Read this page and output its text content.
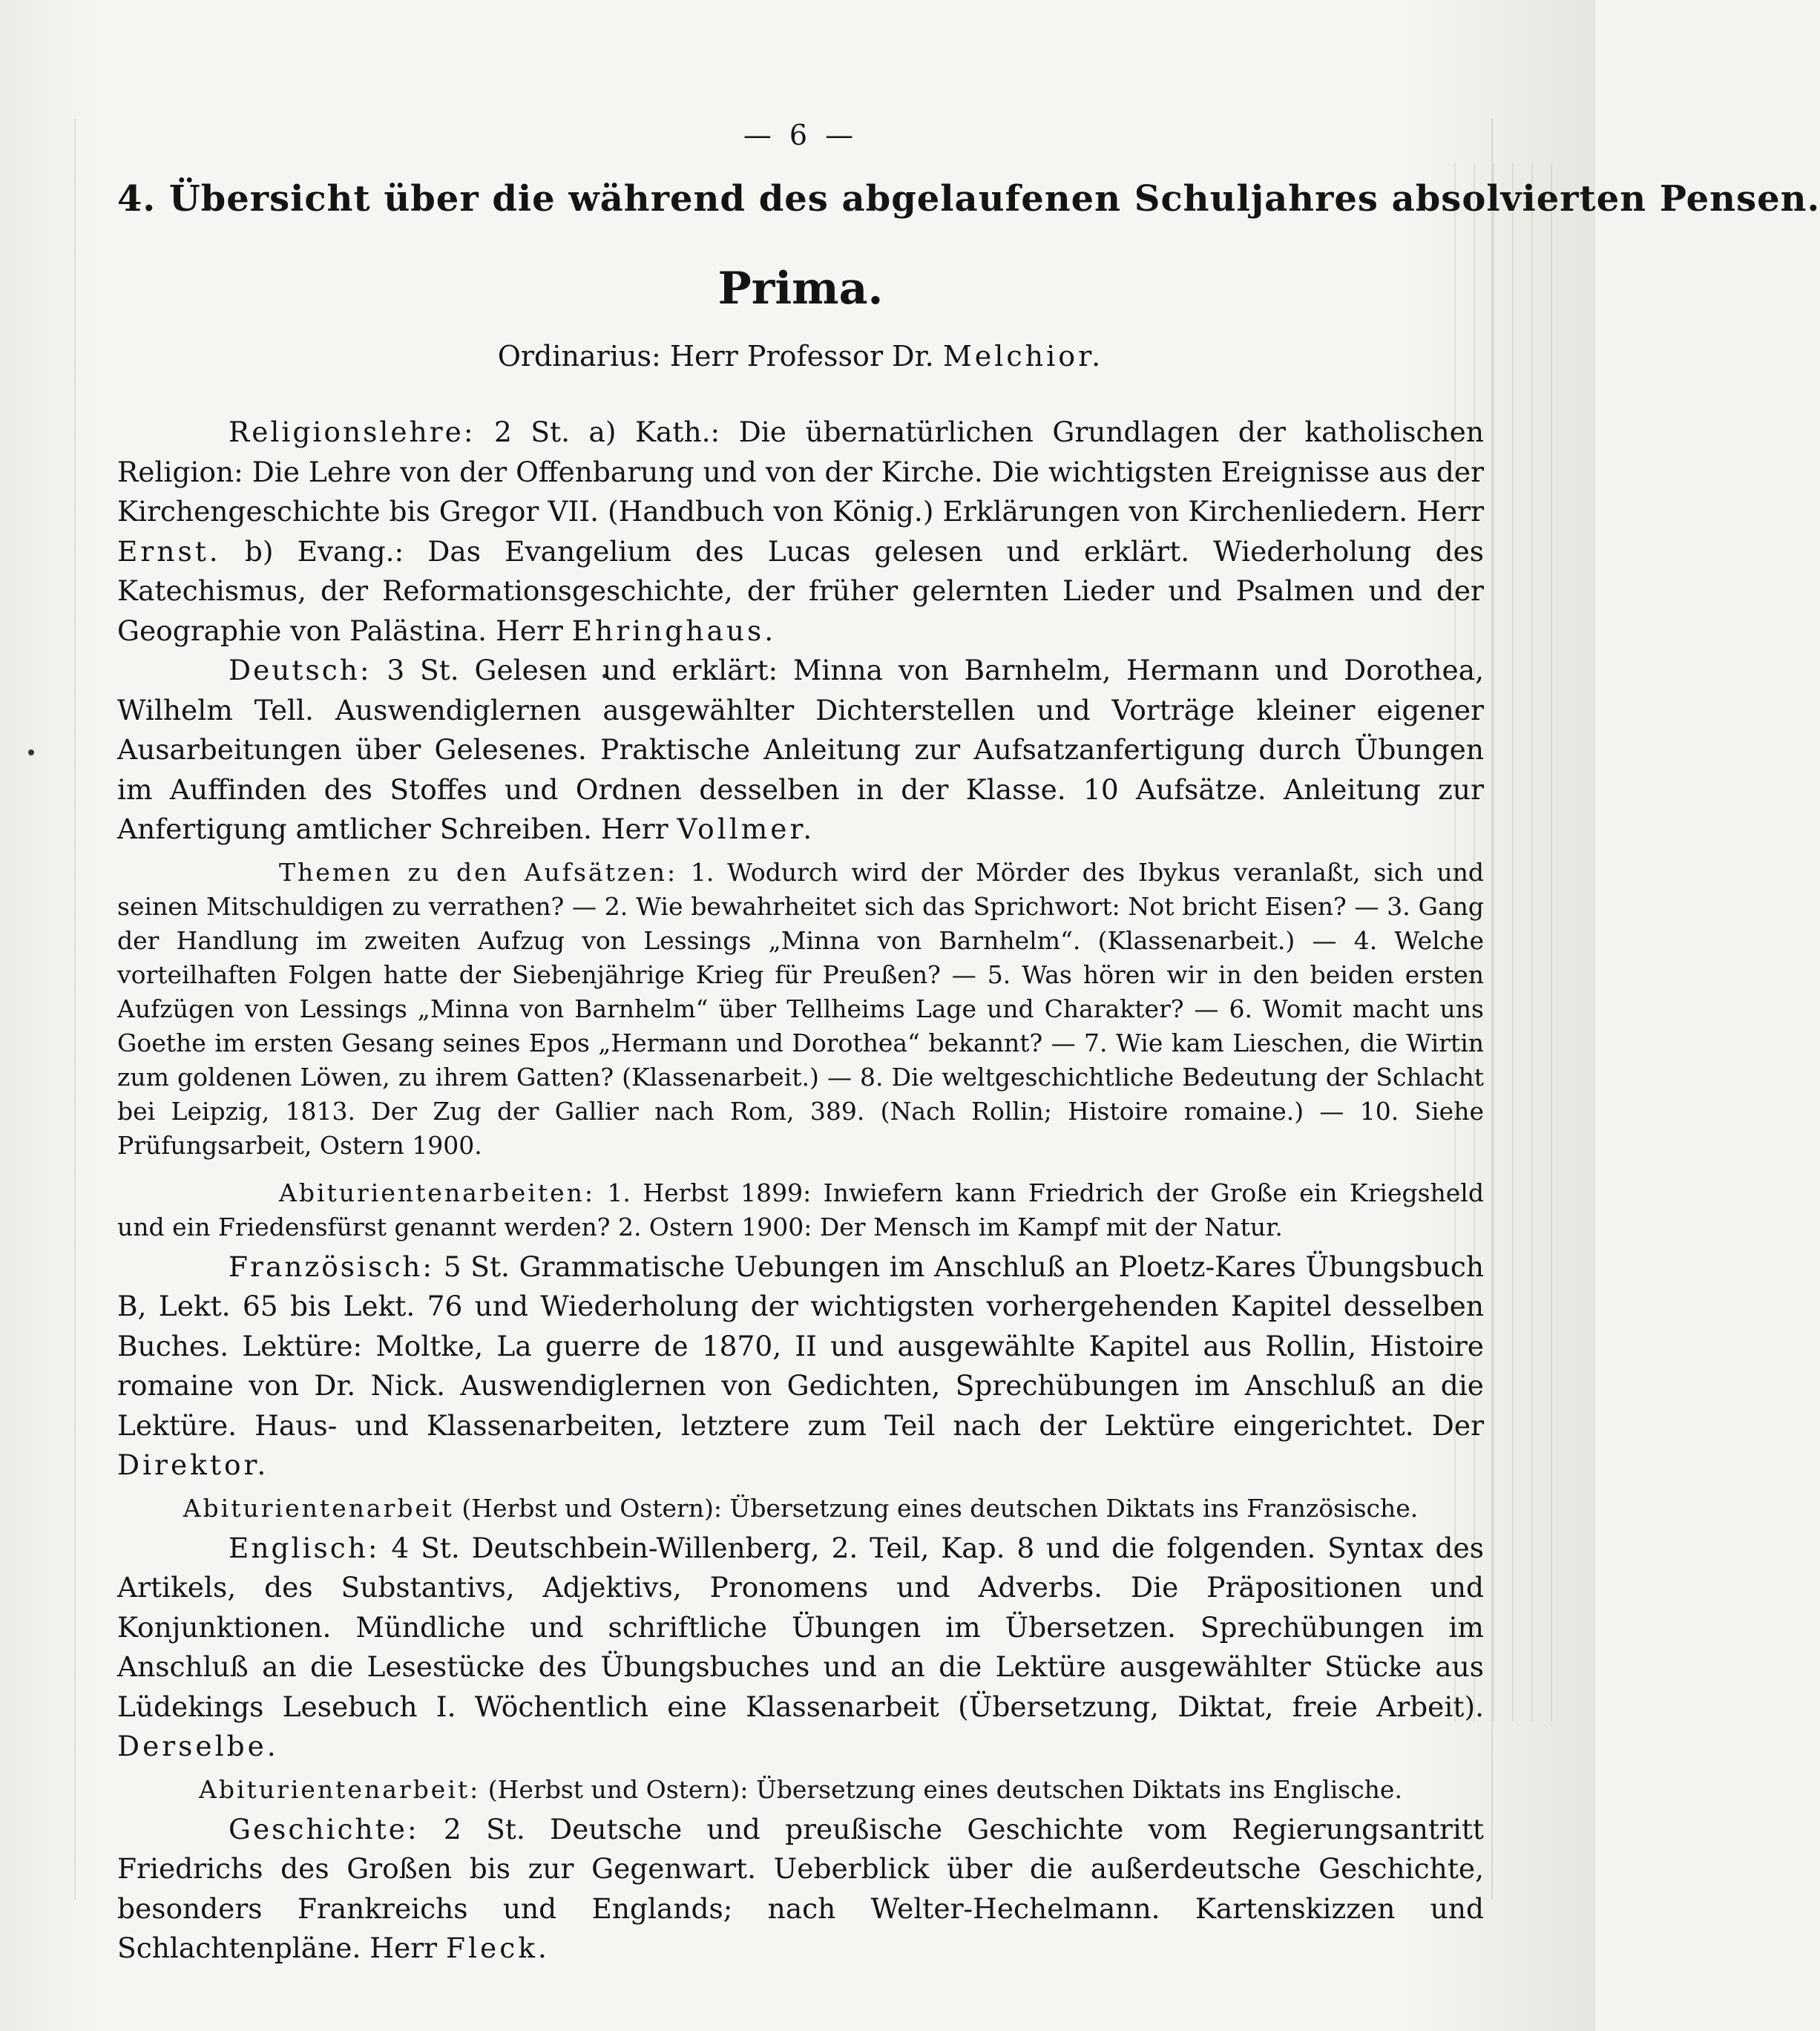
— 6 —
4. Übersicht über die während des abgelaufenen Schuljahres absolvierten Pensen.
Prima.
Ordinarius: Herr Professor Dr. Melchior.

Religionslehre: 2 St. a) Kath.: Die übernatürlichen Grundlagen der katholischen Religion: Die Lehre von der Offenbarung und von der Kirche. Die wichtigsten Ereignisse aus der Kirchengeschichte bis Gregor VII. (Handbuch von König.) Erklärungen von Kirchenliedern. Herr Ernst. b) Evang.: Das Evangelium des Lucas gelesen und erklärt. Wiederholung des Katechismus, der Reformationsgeschichte, der früher gelernten Lieder und Psalmen und der Geographie von Palästina. Herr Ehringhaus.

Deutsch: 3 St. Gelesen und erklärt: Minna von Barnhelm, Hermann und Dorothea, Wilhelm Tell. Auswendiglernen ausgewählter Dichterstellen und Vorträge kleiner eigener Ausarbeitungen über Gelesenes. Praktische Anleitung zur Aufsatzanfertigung durch Übungen im Auffinden des Stoffes und Ordnen desselben in der Klasse. 10 Aufsätze. Anleitung zur Anfertigung amtlicher Schreiben. Herr Vollmer.

Themen zu den Aufsätzen: 1. Wodurch wird der Mörder des Ibykus veranlaßt, sich und seinen Mitschuldigen zu verrathen? — 2. Wie bewahrheitet sich das Sprichwort: Not bricht Eisen? — 3. Gang der Handlung im zweiten Aufzug von Lessings „Minna von Barnhelm“. (Klassenarbeit.) — 4. Welche vorteilhaften Folgen hatte der Siebenjährige Krieg für Preußen? — 5. Was hören wir in den beiden ersten Aufzügen von Lessings „Minna von Barnhelm“ über Tellheims Lage und Charakter? — 6. Womit macht uns Goethe im ersten Gesang seines Epos „Hermann und Dorothea“ bekannt? — 7. Wie kam Lieschen, die Wirtin zum goldenen Löwen, zu ihrem Gatten? (Klassenarbeit.) — 8. Die weltgeschichtliche Bedeutung der Schlacht bei Leipzig, 1813. Der Zug der Gallier nach Rom, 389. (Nach Rollin; Histoire romaine.) — 10. Siehe Prüfungsarbeit, Ostern 1900.

Abiturientenarbeiten: 1. Herbst 1899: Inwiefern kann Friedrich der Große ein Kriegsheld und ein Friedensfürst genannt werden? 2. Ostern 1900: Der Mensch im Kampf mit der Natur.

Französisch: 5 St. Grammatische Uebungen im Anschluß an Ploetz-Kares Übungsbuch B, Lekt. 65 bis Lekt. 76 und Wiederholung der wichtigsten vorhergehenden Kapitel desselben Buches. Lektüre: Moltke, La guerre de 1870, II und ausgewählte Kapitel aus Rollin, Histoire romaine von Dr. Nick. Auswendiglernen von Gedichten, Sprechübungen im Anschluß an die Lektüre. Haus- und Klassenarbeiten, letztere zum Teil nach der Lektüre eingerichtet. Der Direktor.

Abiturientenarbeit (Herbst und Ostern): Übersetzung eines deutschen Diktats ins Französische.

Englisch: 4 St. Deutschbein-Willenberg, 2. Teil, Kap. 8 und die folgenden. Syntax des Artikels, des Substantivs, Adjektivs, Pronomens und Adverbs. Die Präpositionen und Konjunktionen. Mündliche und schriftliche Übungen im Übersetzen. Sprechübungen im Anschluß an die Lesestücke des Übungsbuches und an die Lektüre ausgewählter Stücke aus Lüdekings Lesebuch I. Wöchentlich eine Klassenarbeit (Übersetzung, Diktat, freie Arbeit). Derselbe.

Abiturientenarbeit: (Herbst und Ostern): Übersetzung eines deutschen Diktats ins Englische.

Geschichte: 2 St. Deutsche und preußische Geschichte vom Regierungsantritt Friedrichs des Großen bis zur Gegenwart. Ueberblick über die außerdeutsche Geschichte, besonders Frankreichs und Englands; nach Welter-Hechelmann. Kartenskizzen und Schlachtenpläne. Herr Fleck.
